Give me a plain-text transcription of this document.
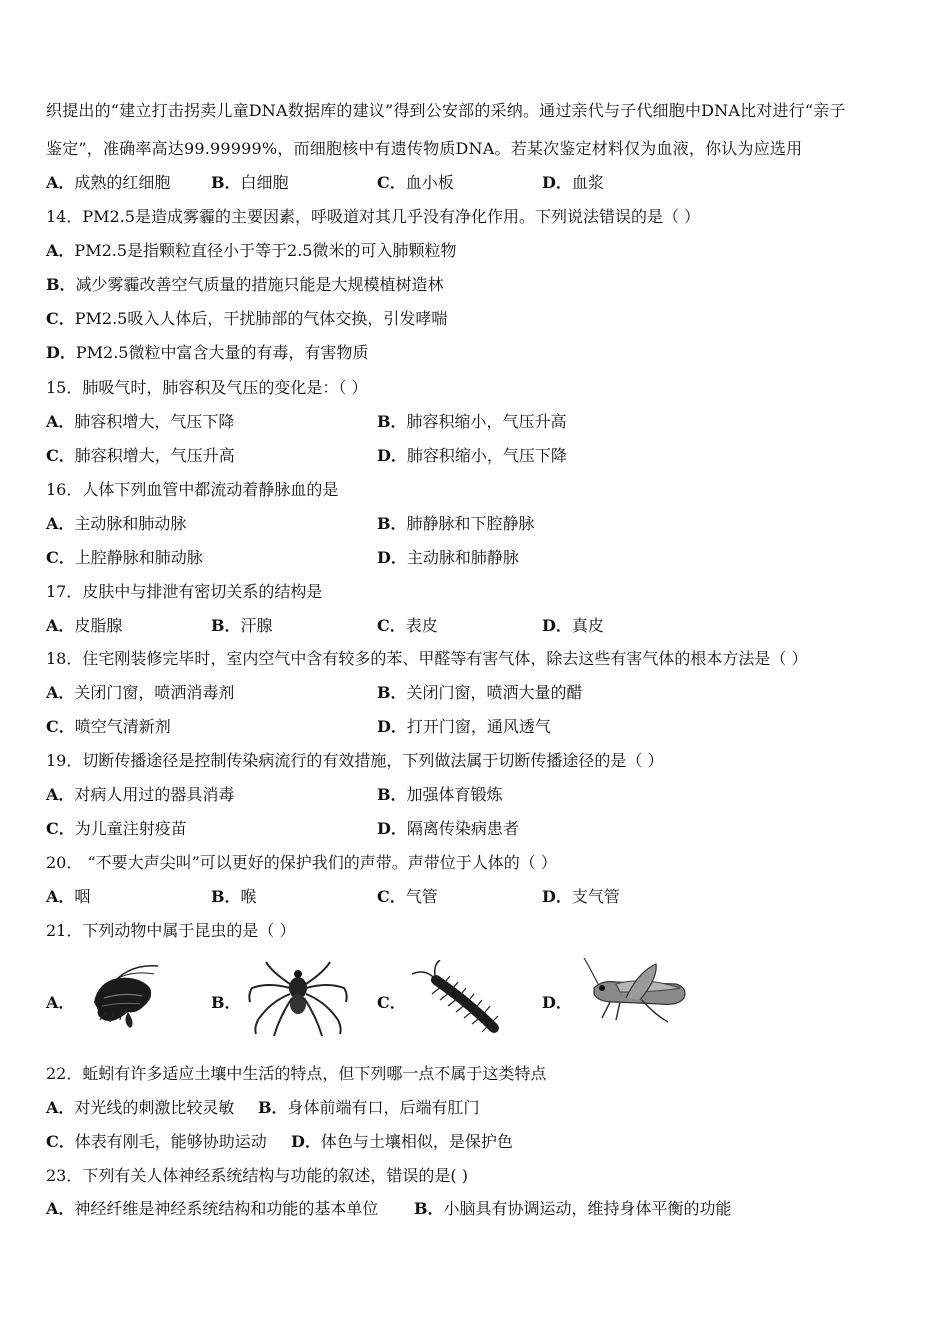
织提出的“建立打击拐卖儿童DNA数据库的建议”得到公安部的采纳。通过亲代与子代细胞中DNA比对进行“亲子
鉴定”，准确率高达99.99999%，而细胞核中有遗传物质DNA。若某次鉴定材料仅为血液，你认为应选用
A．成熟的红细胞	B．白细胞	C．血小板	D．血浆
14．PM2.5是造成雾霾的主要因素，呼吸道对其几乎没有净化作用。下列说法错误的是（ ）
A．PM2.5是指颗粒直径小于等于2.5微米的可入肺颗粒物
B．减少雾霾改善空气质量的措施只能是大规模植树造林
C．PM2.5吸入人体后，干扰肺部的气体交换，引发哮喘
D．PM2.5微粒中富含大量的有毒，有害物质
15．肺吸气时，肺容积及气压的变化是：（ ）
A．肺容积增大，气压下降	B．肺容积缩小，气压升高
C．肺容积增大，气压升高	D．肺容积缩小，气压下降
16．人体下列血管中都流动着静脉血的是
A．主动脉和肺动脉	B．肺静脉和下腔静脉
C．上腔静脉和肺动脉	D．主动脉和肺静脉
17．皮肤中与排泄有密切关系的结构是
A．皮脂腺	B．汗腺	C．表皮	D．真皮
18．住宅刚装修完毕时，室内空气中含有较多的苯、甲醛等有害气体，除去这些有害气体的根本方法是（ ）
A．关闭门窗，喷洒消毒剂	B．关闭门窗，喷洒大量的醋
C．喷空气清新剂	D．打开门窗，通风透气
19．切断传播途径是控制传染病流行的有效措施，下列做法属于切断传播途径的是（ ）
A．对病人用过的器具消毒	B．加强体育锻炼
C．为儿童注射疫苗	D．隔离传染病患者
20． “不要大声尖叫”可以更好的保护我们的声带。声带位于人体的（ ）
A．咽	B．喉	C．气管	D．支气管
21．下列动物中属于昆虫的是（ ）
A．	B．	C．	D．
22．蚯蚓有许多适应土壤中生活的特点，但下列哪一点不属于这类特点
A．对光线的刺激比较灵敏 B．身体前端有口，后端有肛门
C．体表有刚毛，能够协助运动 D．体色与土壤相似，是保护色
23．下列有关人体神经系统结构与功能的叙述，错误的是( )
A．神经纤维是神经系统结构和功能的基本单位 B．小脑具有协调运动，维持身体平衡的功能
